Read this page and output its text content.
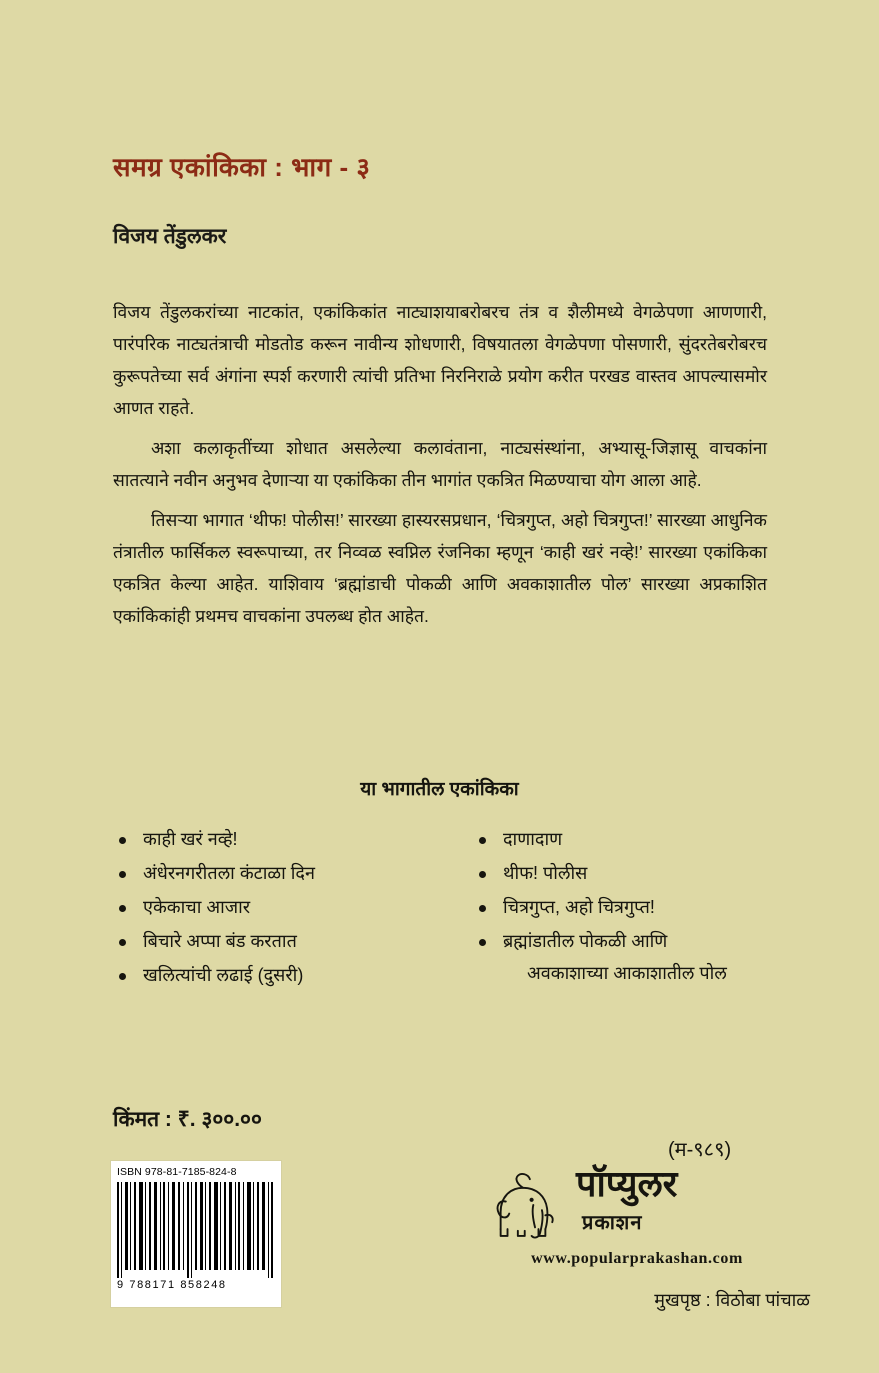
समग्र एकांकिका : भाग - ३
विजय तेंडुलकर

विजय तेंडुलकरांच्या नाटकांत, एकांकिकांत नाट्याशयाबरोबरच तंत्र व शैलीमध्ये वेगळेपणा आणणारी, पारंपरिक नाट्यतंत्राची मोडतोड करून नावीन्य शोधणारी, विषयातला वेगळेपणा पोसणारी, सुंदरतेबरोबरच कुरूपतेच्या सर्व अंगांना स्पर्श करणारी त्यांची प्रतिभा निरनिराळे प्रयोग करीत परखड वास्तव आपल्यासमोर आणत राहते.

अशा कलाकृतींच्या शोधात असलेल्या कलावंताना, नाट्यसंस्थांना, अभ्यासू-जिज्ञासू वाचकांना सातत्याने नवीन अनुभव देणाऱ्या या एकांकिका तीन भागांत एकत्रित मिळण्याचा योग आला आहे.

तिसऱ्या भागात ‘थीफ! पोलीस!’ सारख्या हास्यरसप्रधान, ‘चित्रगुप्त, अहो चित्रगुप्त!’ सारख्या आधुनिक तंत्रातील फार्सिकल स्वरूपाच्या, तर निव्वळ स्वप्निल रंजनिका म्हणून ‘काही खरं नव्हे!’ सारख्या एकांकिका एकत्रित केल्या आहेत. याशिवाय ‘ब्रह्मांडाची पोकळी आणि अवकाशातील पोल’ सारख्या अप्रकाशित एकांकिकांही प्रथमच वाचकांना उपलब्ध होत आहेत.

या भागातील एकांकिका
काही खरं नव्हे!
अंधेरनगरीतला कंटाळा दिन
एकेकाचा आजार
बिचारे अप्पा बंड करतात
खलित्यांची लढाई (दुसरी)
दाणादाण
थीफ! पोलीस
चित्रगुप्त, अहो चित्रगुप्त!
ब्रह्मांडातील पोकळी आणि
अवकाशाच्या आकाशातील पोल
किंमत : ₹. ३००.००
ISBN 978-81-7185-824-8
9 788171 858248
(म-९८९)
पॉप्युलर
प्रकाशन
www.popularprakashan.com
मुखपृष्ठ : विठोबा पांचाळ
